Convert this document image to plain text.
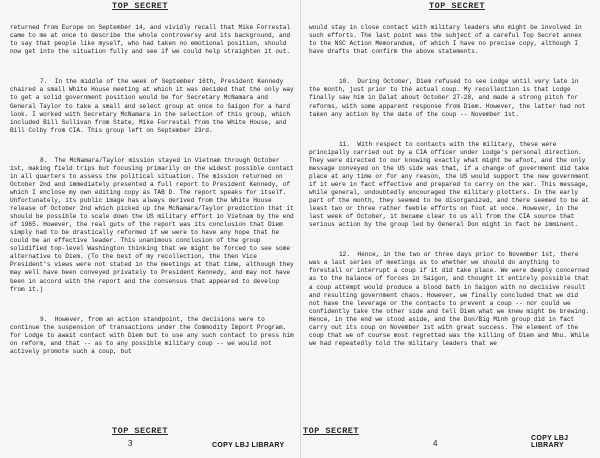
TOP SECRET

returned from Europe on September 14, and vividly recall that Mike Forrestal came to me at once to describe the whole controversy and its background, and to say that people like myself, who had taken no emotional position, should now get into the situation fully and see if we could help straighten it out.

7.  In the middle of the week of September 16th, President Kennedy chaired a small White House meeting at which it was decided that the only way to get a solid government position would be for Secretary McNamara and General Taylor to take a small and select group at once to Saigon for a hard look. I worked with Secretary McNamara in the selection of this group, which included Bill Sullivan from State, Mike Forrestal from the White House, and Bill Colby from CIA. This group left on September 23rd.

8.  The McNamara/Taylor mission stayed in Vietnam through October 1st, making field trips but focusing primarily on the widest possible contact in all quarters to assess the political situation. The mission returned on October 2nd and immediately presented a full report to President Kennedy, of which I enclose my own editing copy as TAB D. The report speaks for itself. Unfortunately, its public image has always derived from the White House release of October 2nd which picked up the McNamara/Taylor prediction that it should be possible to scale down the US military effort in Vietnam by the end of 1965. However, the real guts of the report was its conclusion that Diem simply had to be drastically reformed if we were to have any hope that he could be an effective leader. This unanimous conclusion of the group solidified top-level Washington thinking that we might be forced to see some alternative to Diem. (To the best of my recollection, the then Vice President's views were not stated in the meetings at that time, although they may well have been conveyed privately to President Kennedy, and may not have been in accord with the report and the consensus that appeared to develop from it.)

9.  However, from an action standpoint, the decisions were to continue the suspension of transactions under the Commodity Import Program, for Lodge to await contact with Diem but to use any such contact to press him on reform, and that -- as to any possible military coup -- we would not actively promote such a coup, but

TOP SECRET
3	COPY LBJ LIBRARY
TOP SECRET

would stay in close contact with military leaders who might be involved in such efforts. The last point was the subject of a careful Top Secret annex to the NSC Action Memorandum, of which I have no precise copy, although I have drafts that confirm the above statements.

10.  During October, Diem refused to see Lodge until very late in the month, just prior to the actual coup. My recollection is that Lodge finally saw him in Dalat about October 27-28, and made a strong pitch for reforms, with some apparent response from Diem. However, the latter had not taken any action by the date of the coup -- November 1st.

11.  With respect to contacts with the military, these were principally carried out by a CIA officer under Lodge's personal direction. They were directed to our knowing exactly what might be afoot, and the only message conveyed on the US side was that, if a change of government did take place at any time or for any reason, the US would support the new government if it were in fact effective and prepared to carry on the war. This message, while general, undoubtedly encouraged the military plotters. In the early part of the month, they seemed to be disorganized, and there seemed to be at least two or three rather feeble efforts on foot at once. However, in the last week of October, it became clear to us all from the CIA source that serious action by the group led by General Don might in fact be imminent.

12.  Hence, in the two or three days prior to November 1st, there was a last series of meetings as to whether we should do anything to forestall or interrupt a coup if it did take place. We were deeply concerned as to the balance of forces in Saigon, and thought it entirely possible that a coup attempt would produce a blood bath in Saigon with no decisive result and resulting government chaos. However, we finally concluded that we did not have the leverage or the contacts to prevent a coup -- nor could we confidently take the other side and tell Diem what we knew might be brewing. Hence, in the end we stood aside, and the Don/Big Minh group did in fact carry out its coup on November 1st with great success. The element of the coup that we of course most regretted was the killing of Diem and Nhu. While we had repeatedly told the military leaders that we

TOP SECRET
4
COPY LBJ LIBRARY
